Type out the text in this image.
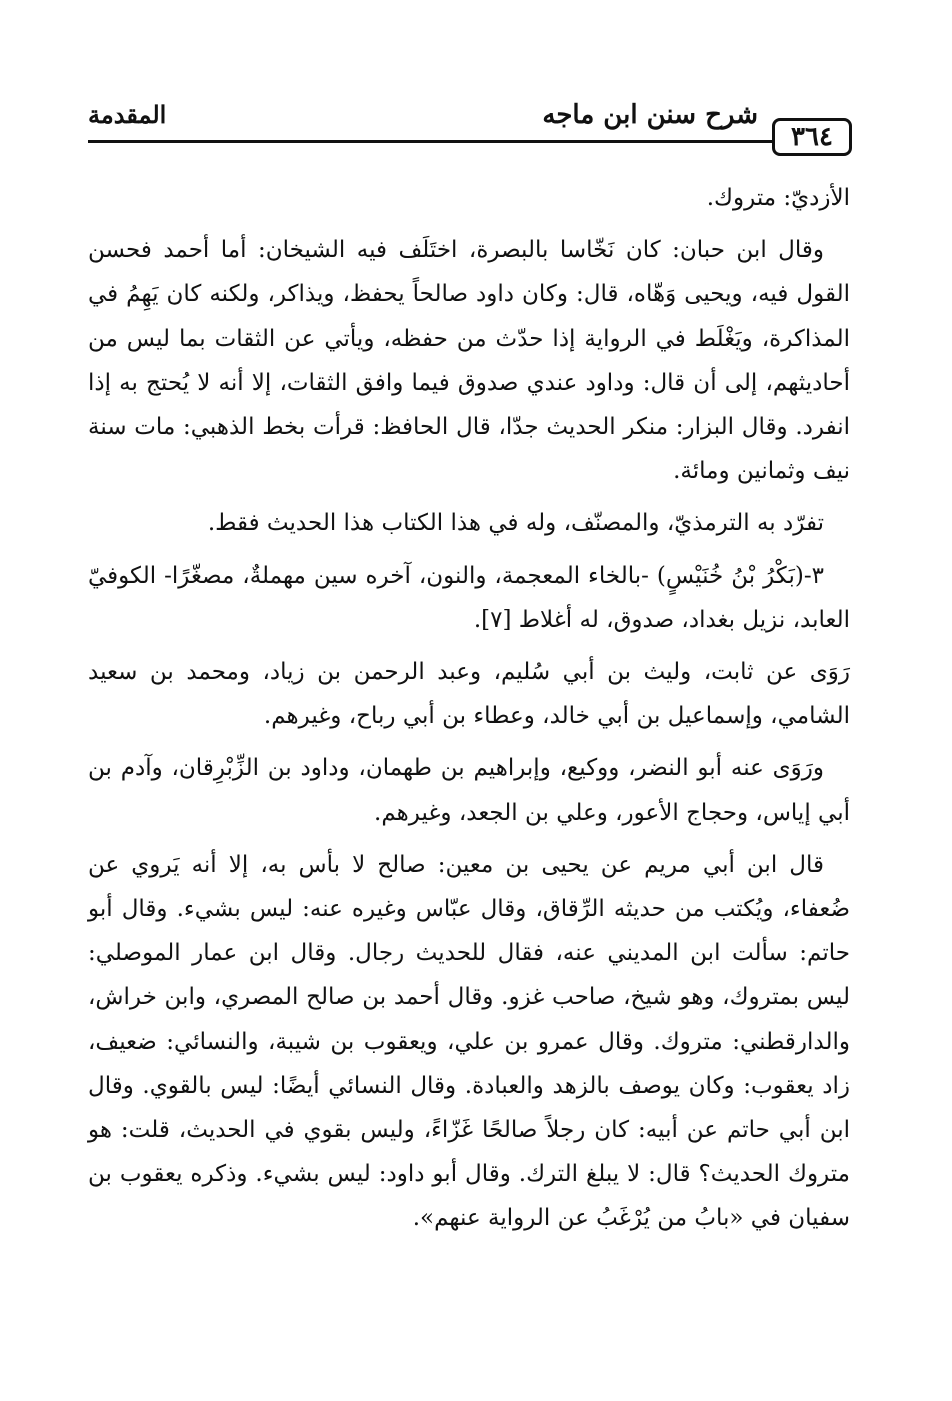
٣٦٤
شرح سنن ابن ماجه
المقدمة

الأزديّ: متروك.

وقال ابن حبان: كان نَخّاسا بالبصرة، اختَلَف فيه الشيخان: أما أحمد فحسن القول فيه، ويحيى وَهّاه، قال: وكان داود صالحاً يحفظ، ويذاكر، ولكنه كان يَهِمُ في المذاكرة، ويَغْلَط في الرواية إذا حدّث من حفظه، ويأتي عن الثقات بما ليس من أحاديثهم، إلى أن قال: وداود عندي صدوق فيما وافق الثقات، إلا أنه لا يُحتج به إذا انفرد. وقال البزار: منكر الحديث جدّا، قال الحافظ: قرأت بخط الذهبي: مات سنة نيف وثمانين ومائة.

تفرّد به الترمذيّ، والمصنّف، وله في هذا الكتاب هذا الحديث فقط.

٣-(بَكْرُ بْنُ خُنَيْسٍ) -بالخاء المعجمة، والنون، آخره سين مهملةٌ، مصغّرًا- الكوفيّ العابد، نزيل بغداد، صدوق، له أغلاط [٧].

رَوَى عن ثابت، وليث بن أبي سُليم، وعبد الرحمن بن زياد، ومحمد بن سعيد الشامي، وإسماعيل بن أبي خالد، وعطاء بن أبي رباح، وغيرهم.

ورَوَى عنه أبو النضر، ووكيع، وإبراهيم بن طهمان، وداود بن الزِّبْرِقان، وآدم بن أبي إياس، وحجاج الأعور، وعلي بن الجعد، وغيرهم.

قال ابن أبي مريم عن يحيى بن معين: صالح لا بأس به، إلا أنه يَروي عن ضُعفاء، ويُكتب من حديثه الرِّقاق، وقال عبّاس وغيره عنه: ليس بشيء. وقال أبو حاتم: سألت ابن المديني عنه، فقال للحديث رجال. وقال ابن عمار الموصلي: ليس بمتروك، وهو شيخ، صاحب غزو. وقال أحمد بن صالح المصري، وابن خراش، والدارقطني: متروك. وقال عمرو بن علي، ويعقوب بن شيبة، والنسائي: ضعيف، زاد يعقوب: وكان يوصف بالزهد والعبادة. وقال النسائي أيضًا: ليس بالقوي. وقال ابن أبي حاتم عن أبيه: كان رجلاً صالحًا غَزّاءً، وليس بقوي في الحديث، قلت: هو متروك الحديث؟ قال: لا يبلغ الترك. وقال أبو داود: ليس بشيء. وذكره يعقوب بن سفيان في «بابُ من يُرْغَبُ عن الرواية عنهم».
